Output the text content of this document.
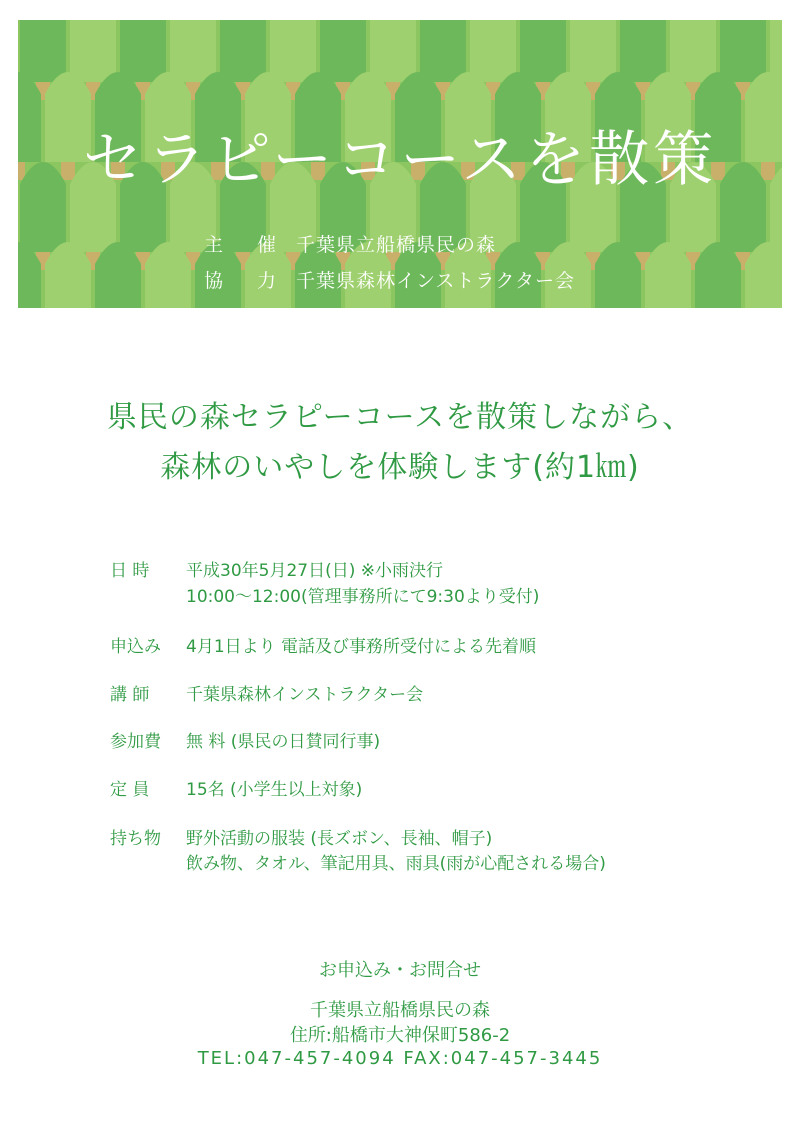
セラピーコースを散策
主 催 千葉県立船橋県民の森
協 力 千葉県森林インストラクター会
県民の森セラピーコースを散策しながら、
森林のいやしを体験します(約1㎞)
日 時	平成30年5月27日(日) ※小雨決行
10:00〜12:00(管理事務所にて9:30より受付)
申込み	4月1日より 電話及び事務所受付による先着順
講 師	千葉県森林インストラクター会
参加費	無 料 (県民の日賛同行事)
定 員	15名 (小学生以上対象)
持ち物	野外活動の服装 (長ズボン、長袖、帽子)
飲み物、タオル、筆記用具、雨具(雨が心配される場合)
お申込み・お問合せ
千葉県立船橋県民の森
住所:船橋市大神保町586-2
TEL:047-457-4094 FAX:047-457-3445
